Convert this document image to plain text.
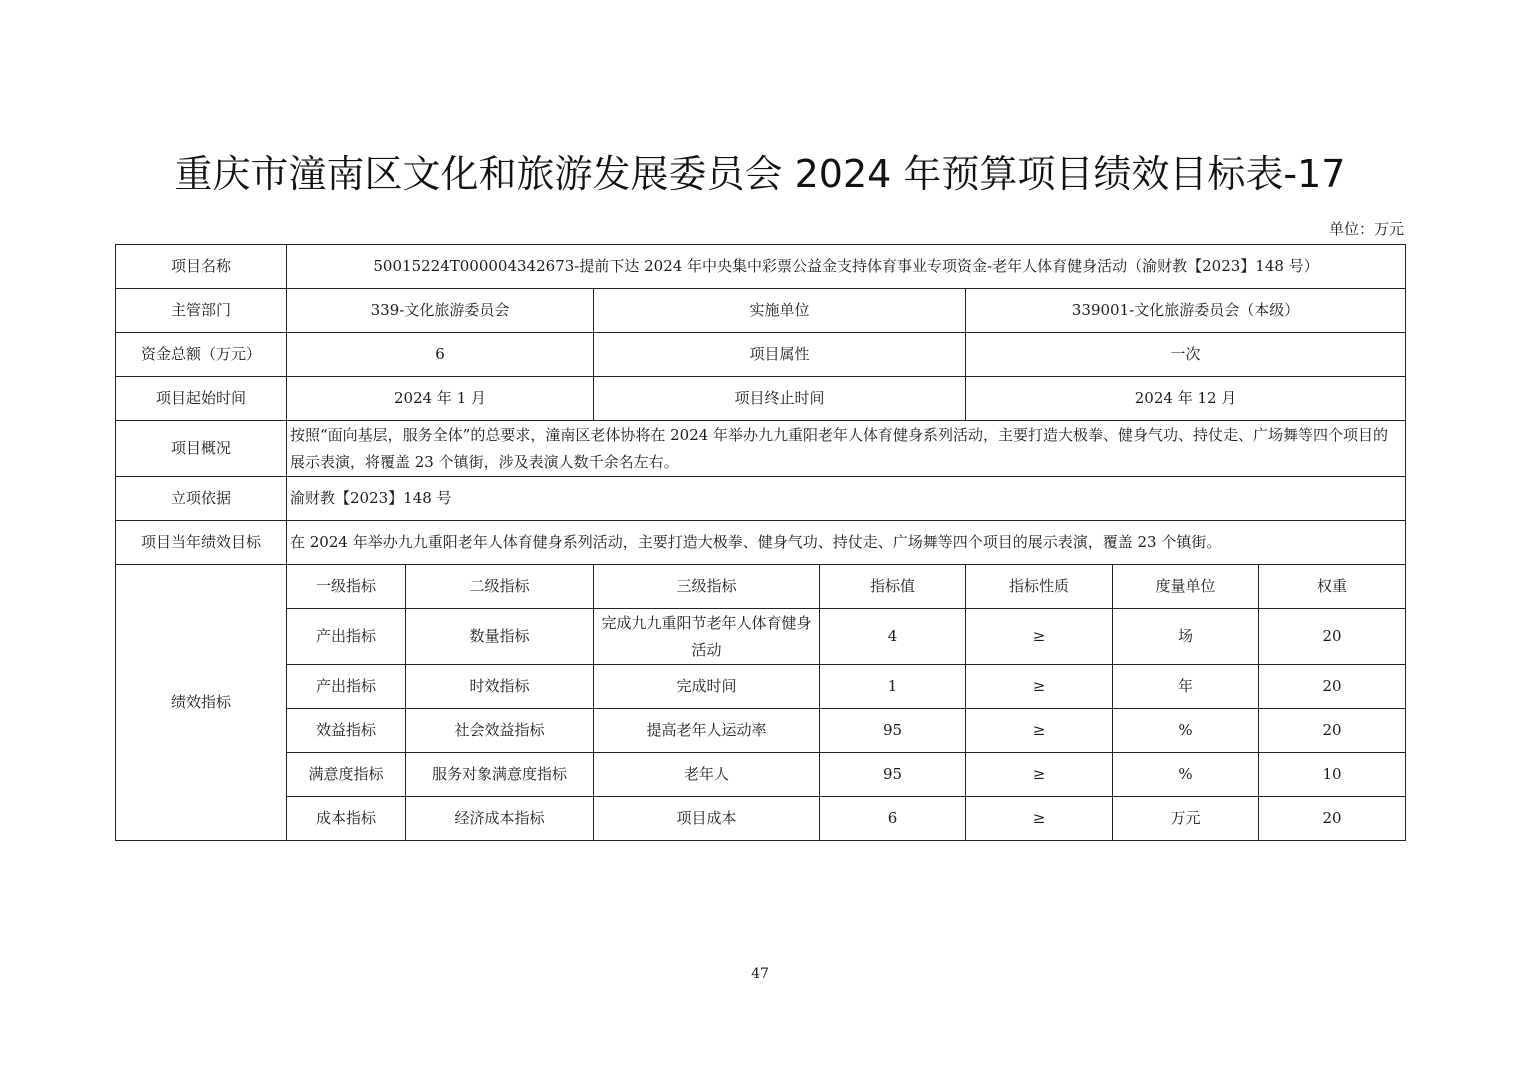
重庆市潼南区文化和旅游发展委员会 2024 年预算项目绩效目标表-17
单位：万元
项目名称	50015224T000004342673-提前下达 2024 年中央集中彩票公益金支持体育事业专项资金-老年人体育健身活动（渝财教【2023】148 号）						
主管部门	339-文化旅游委员会		实施单位		339001-文化旅游委员会（本级）		
资金总额（万元）	6		项目属性		一次		
项目起始时间	2024 年 1 月		项目终止时间		2024 年 12 月		
项目概况	按照“面向基层，服务全体”的总要求，潼南区老体协将在 2024 年举办九九重阳老年人体育健身系列活动，主要打造大极拳、健身气功、持仗走、广场舞等四个项目的展示表演，将覆盖 23 个镇街，涉及表演人数千余名左右。						
立项依据	渝财教【2023】148 号						
项目当年绩效目标	在 2024 年举办九九重阳老年人体育健身系列活动，主要打造大极拳、健身气功、持仗走、广场舞等四个项目的展示表演，覆盖 23 个镇街。						
绩效指标	一级指标	二级指标	三级指标	指标值	指标性质	度量单位	权重
	产出指标	数量指标	完成九九重阳节老年人体育健身活动	4	≥	场	20
	产出指标	时效指标	完成时间	1	≥	年	20
	效益指标	社会效益指标	提高老年人运动率	95	≥	%	20
	满意度指标	服务对象满意度指标	老年人	95	≥	%	10
	成本指标	经济成本指标	项目成本	6	≥	万元	20
47
